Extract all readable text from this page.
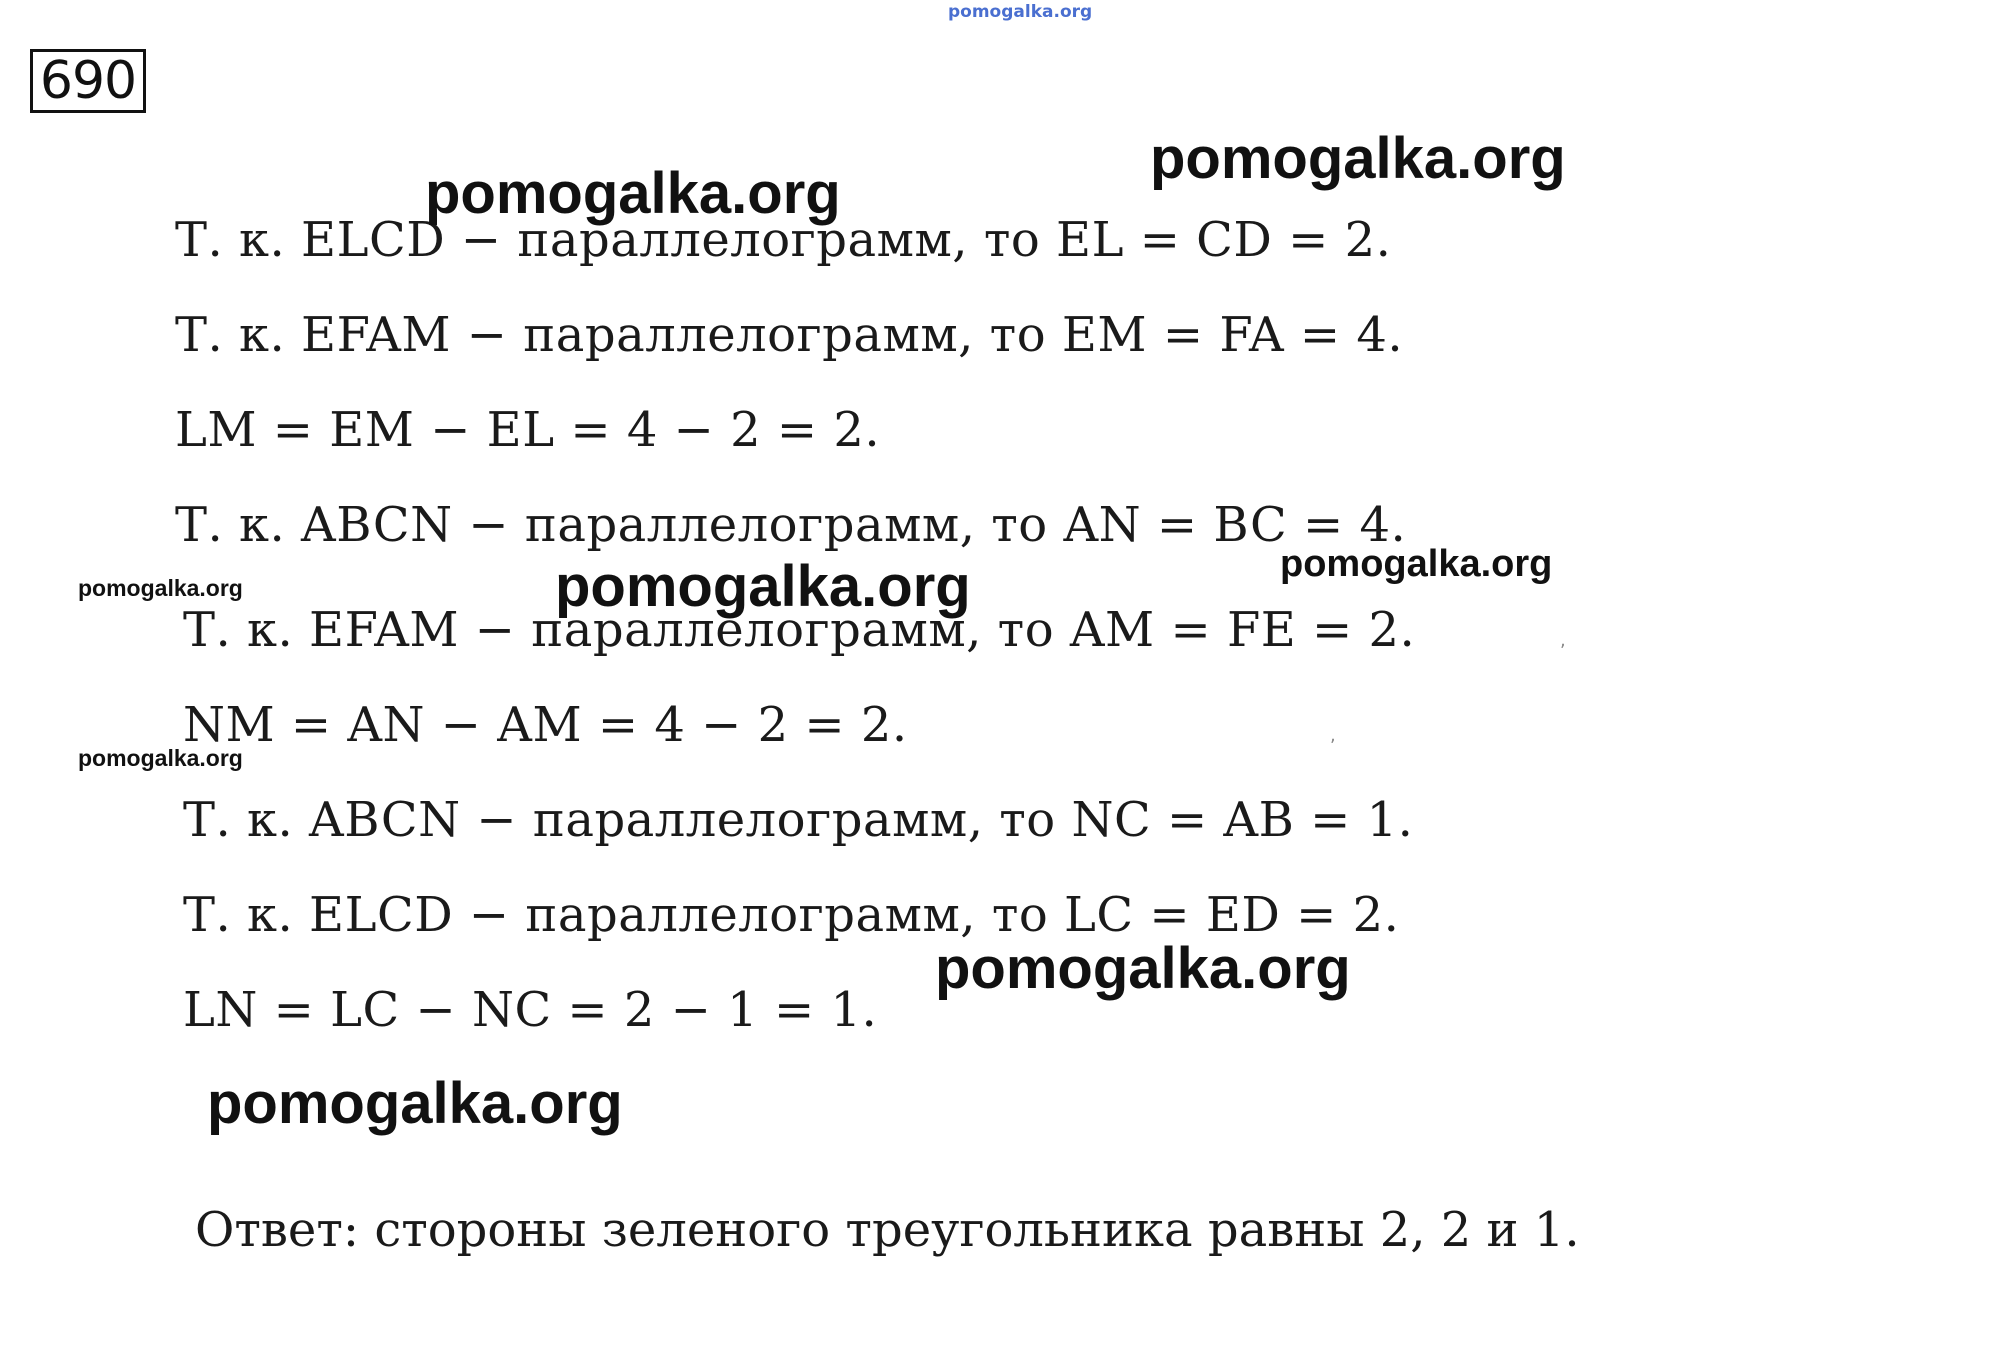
pomogalka.org
690
Т. к. ELCD − параллелограмм, то EL = CD = 2.
Т. к. EFAM − параллелограмм, то EM = FA = 4.
LM = EM − EL = 4 − 2 = 2.
Т. к. ABCN − параллелограмм, то AN = BC = 4.
Т. к. EFAM − параллелограмм, то AM = FE = 2.
NM = AN − AM = 4 − 2 = 2.
Т. к. ABCN − параллелограмм, то NC = AB = 1.
Т. к. ELCD − параллелограмм, то LC = ED = 2.
LN = LC − NC = 2 − 1 = 1.
Ответ: стороны зеленого треугольника равны 2, 2 и 1.
pomogalka.org
pomogalka.org
pomogalka.org
pomogalka.org
pomogalka.org
pomogalka.org
pomogalka.org
pomogalka.org
,
,
